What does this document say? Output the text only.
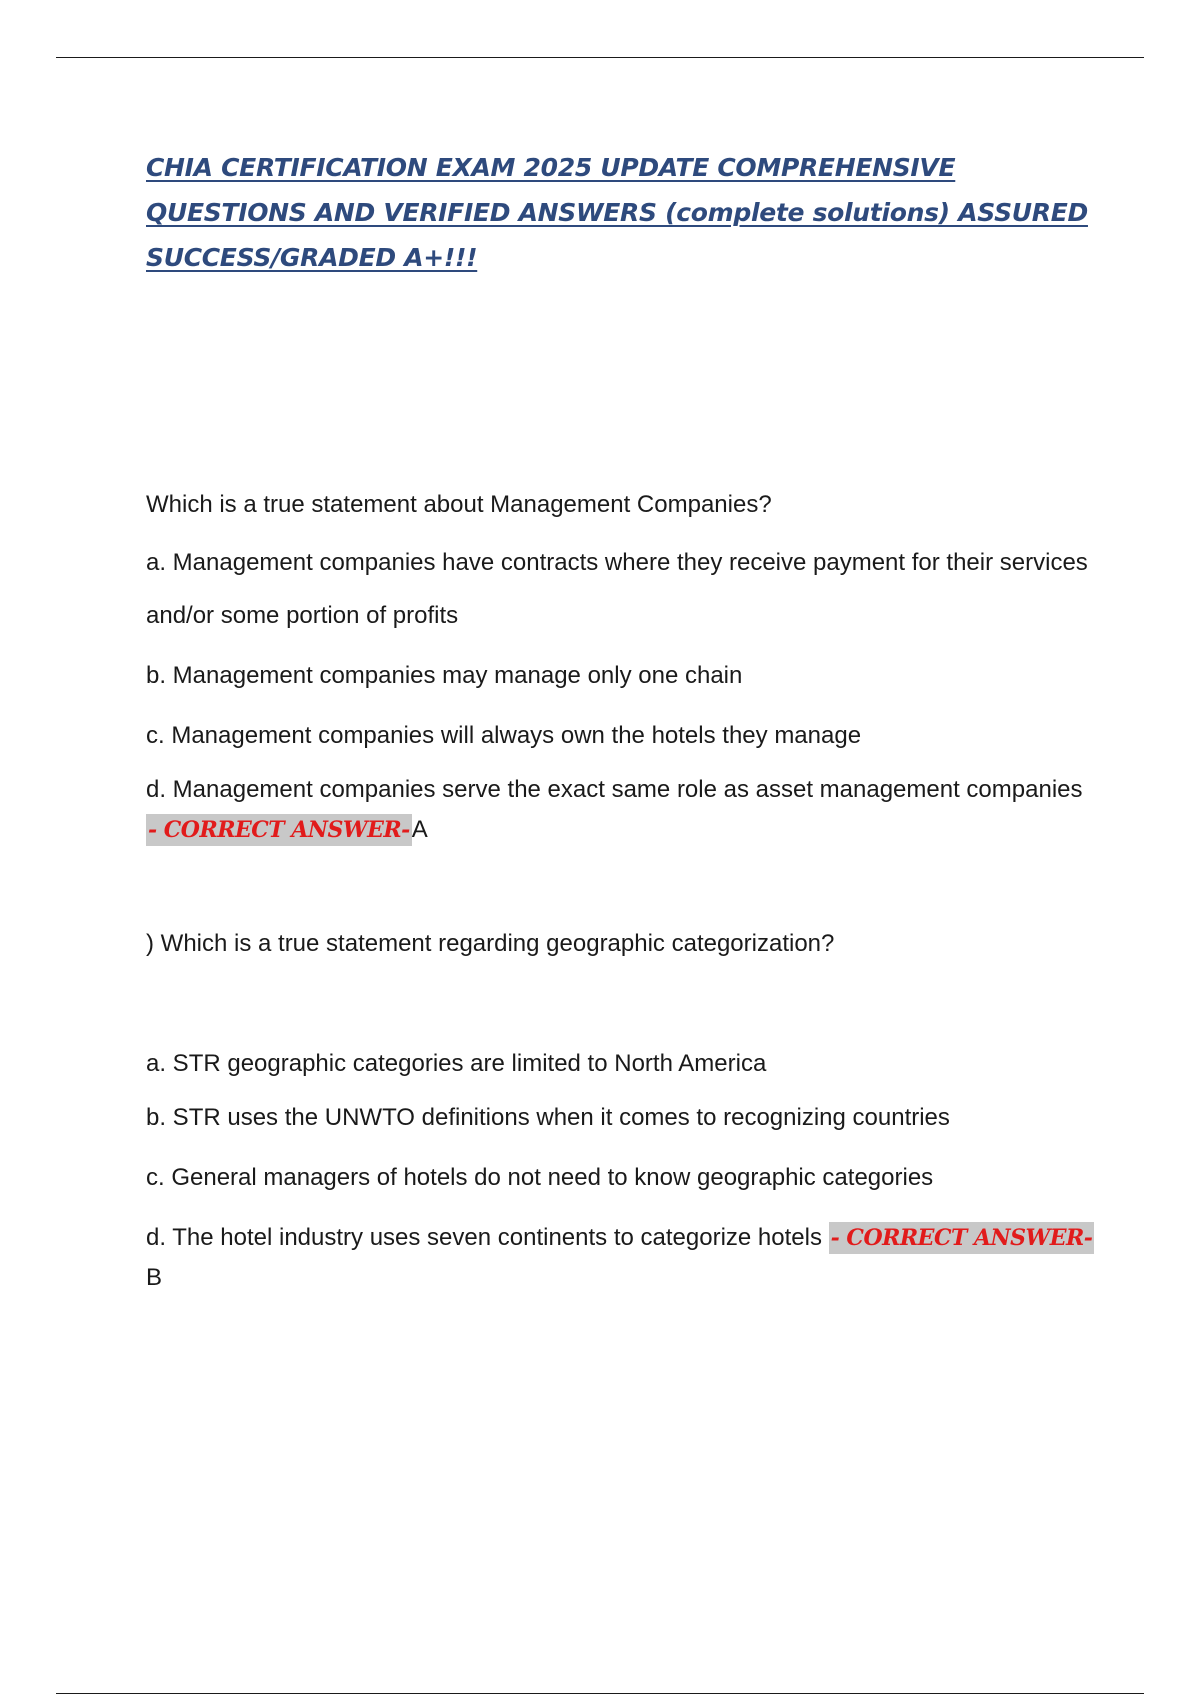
CHIA CERTIFICATION EXAM 2025 UPDATE COMPREHENSIVE
QUESTIONS AND VERIFIED ANSWERS (complete solutions) ASSURED
SUCCESS/GRADED A+!!!

Which is a true statement about Management Companies?

a. Management companies have contracts where they receive payment for their services

and/or some portion of profits

b. Management companies may manage only one chain

c. Management companies will always own the hotels they manage

d. Management companies serve the exact same role as asset management companies - CORRECT ANSWER-A

) Which is a true statement regarding geographic categorization?

a. STR geographic categories are limited to North America

b. STR uses the UNWTO definitions when it comes to recognizing countries

c. General managers of hotels do not need to know geographic categories

d. The hotel industry uses seven continents to categorize hotels - CORRECT ANSWER-B
